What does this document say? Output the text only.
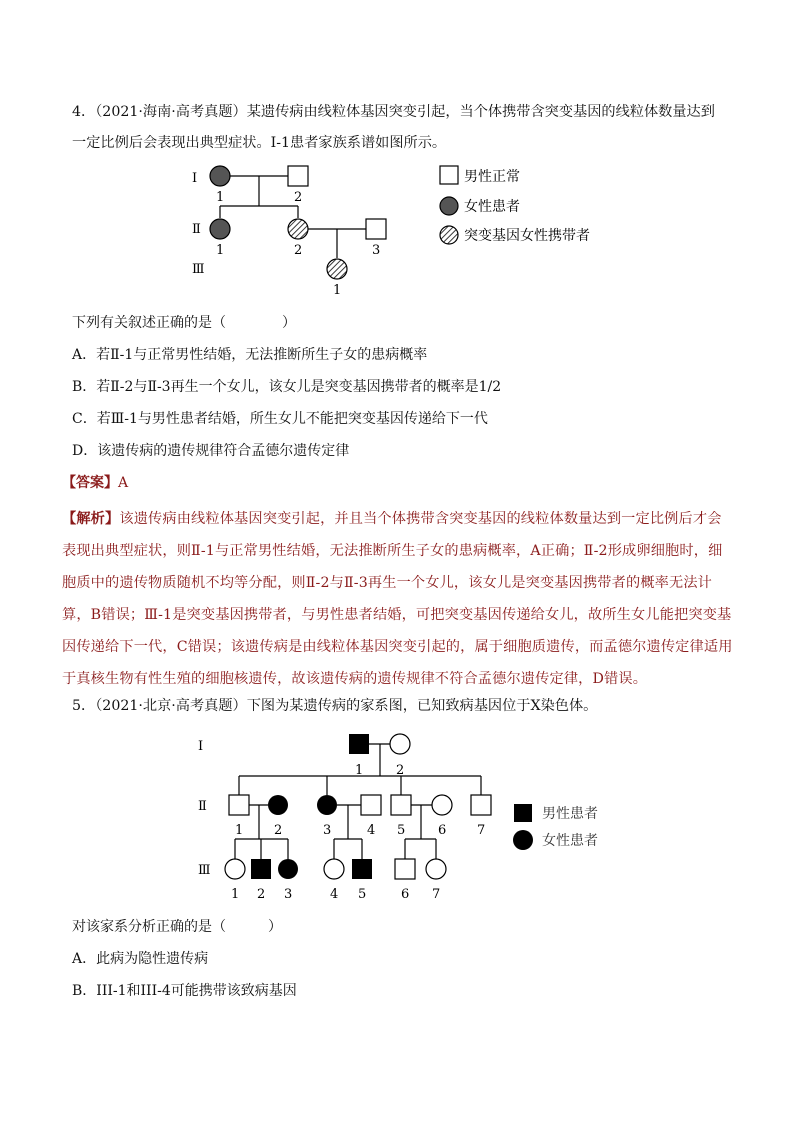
4．（2021·海南·高考真题）某遗传病由线粒体基因突变引起，当个体携带含突变基因的线粒体数量达到
一定比例后会表现出典型症状。Ⅰ-1患者家族系谱如图所示。
Ⅰ
Ⅱ
Ⅲ
1	2
1	2	3
1
男性正常
女性患者
突变基因女性携带者
下列有关叙述正确的是（　　　　）
A．若Ⅱ-1与正常男性结婚，无法推断所生子女的患病概率
B．若Ⅱ-2与Ⅱ-3再生一个女儿，该女儿是突变基因携带者的概率是1/2
C．若Ⅲ-1与男性患者结婚，所生女儿不能把突变基因传递给下一代
D．该遗传病的遗传规律符合孟德尔遗传定律
【答案】A
【解析】该遗传病由线粒体基因突变引起，并且当个体携带含突变基因的线粒体数量达到一定比例后才会表现出典型症状，则Ⅱ-1与正常男性结婚，无法推断所生子女的患病概率，A正确；Ⅱ-2形成卵细胞时，细胞质中的遗传物质随机不均等分配，则Ⅱ-2与Ⅱ-3再生一个女儿，该女儿是突变基因携带者的概率无法计算，B错误；Ⅲ-1是突变基因携带者，与男性患者结婚，可把突变基因传递给女儿，故所生女儿能把突变基因传递给下一代，C错误；该遗传病是由线粒体基因突变引起的，属于细胞质遗传，而孟德尔遗传定律适用于真核生物有性生殖的细胞核遗传，故该遗传病的遗传规律不符合孟德尔遗传定律，D错误。
5．（2021·北京·高考真题）下图为某遗传病的家系图，已知致病基因位于X染色体。
Ⅰ
Ⅱ
Ⅲ
1	2
1 2	3	4 5	6 7
1 2 3	4 5	6 7
男性患者
女性患者
对该家系分析正确的是（　　　）
A．此病为隐性遗传病
B．III-1和III-4可能携带该致病基因
